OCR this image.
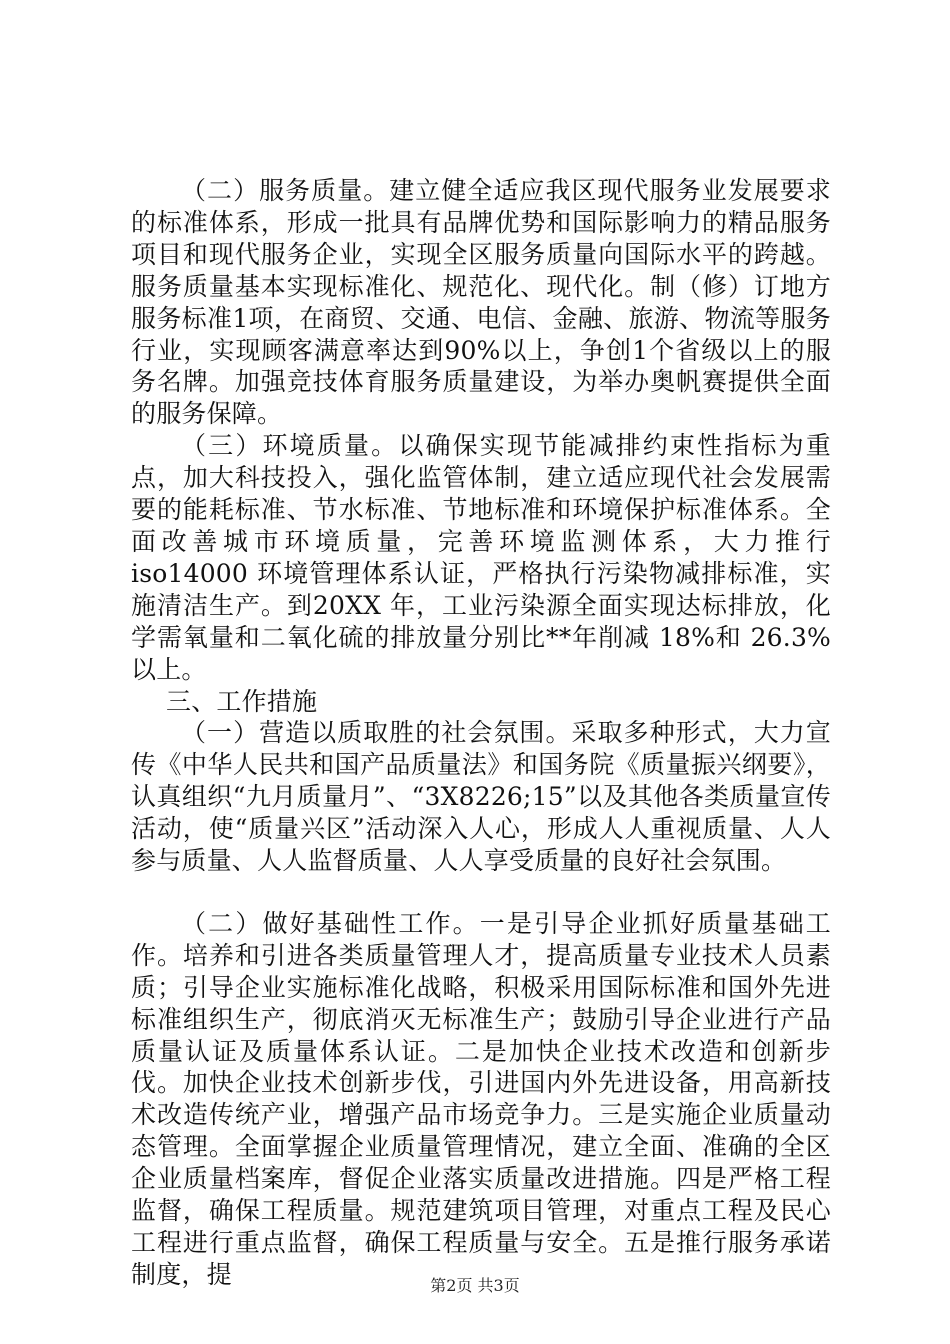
（二）服务质量。建立健全适应我区现代服务业发展要求的标准体系，形成一批具有品牌优势和国际影响力的精品服务项目和现代服务企业，实现全区服务质量向国际水平的跨越。服务质量基本实现标准化、规范化、现代化。制（修）订地方服务标准1项，在商贸、交通、电信、金融、旅游、物流等服务行业，实现顾客满意率达到90%以上，争创1个省级以上的服务名牌。加强竞技体育服务质量建设，为举办奥帆赛提供全面的服务保障。

（三）环境质量。以确保实现节能减排约束性指标为重点，加大科技投入，强化监管体制，建立适应现代社会发展需要的能耗标准、节水标准、节地标准和环境保护标准体系。全面改善城市环境质量，完善环境监测体系，大力推行 iso14000 环境管理体系认证，严格执行污染物减排标准，实施清洁生产。到20XX 年，工业污染源全面实现达标排放，化学需氧量和二氧化硫的排放量分别比**年削减 18%和 26.3%以上。

三、工作措施

（一）营造以质取胜的社会氛围。采取多种形式，大力宣传《中华人民共和国产品质量法》和国务院《质量振兴纲要》，认真组织“九月质量月”、“3X8226;15”以及其他各类质量宣传活动，使“质量兴区”活动深入人心，形成人人重视质量、人人参与质量、人人监督质量、人人享受质量的良好社会氛围。

（二）做好基础性工作。一是引导企业抓好质量基础工作。培养和引进各类质量管理人才，提高质量专业技术人员素质；引导企业实施标准化战略，积极采用国际标准和国外先进标准组织生产，彻底消灭无标准生产；鼓励引导企业进行产品质量认证及质量体系认证。二是加快企业技术改造和创新步伐。加快企业技术创新步伐，引进国内外先进设备，用高新技术改造传统产业，增强产品市场竞争力。三是实施企业质量动态管理。全面掌握企业质量管理情况，建立全面、准确的全区企业质量档案库，督促企业落实质量改进措施。四是严格工程监督，确保工程质量。规范建筑项目管理，对重点工程及民心工程进行重点监督，确保工程质量与安全。五是推行服务承诺制度，提	第2页 共3页
